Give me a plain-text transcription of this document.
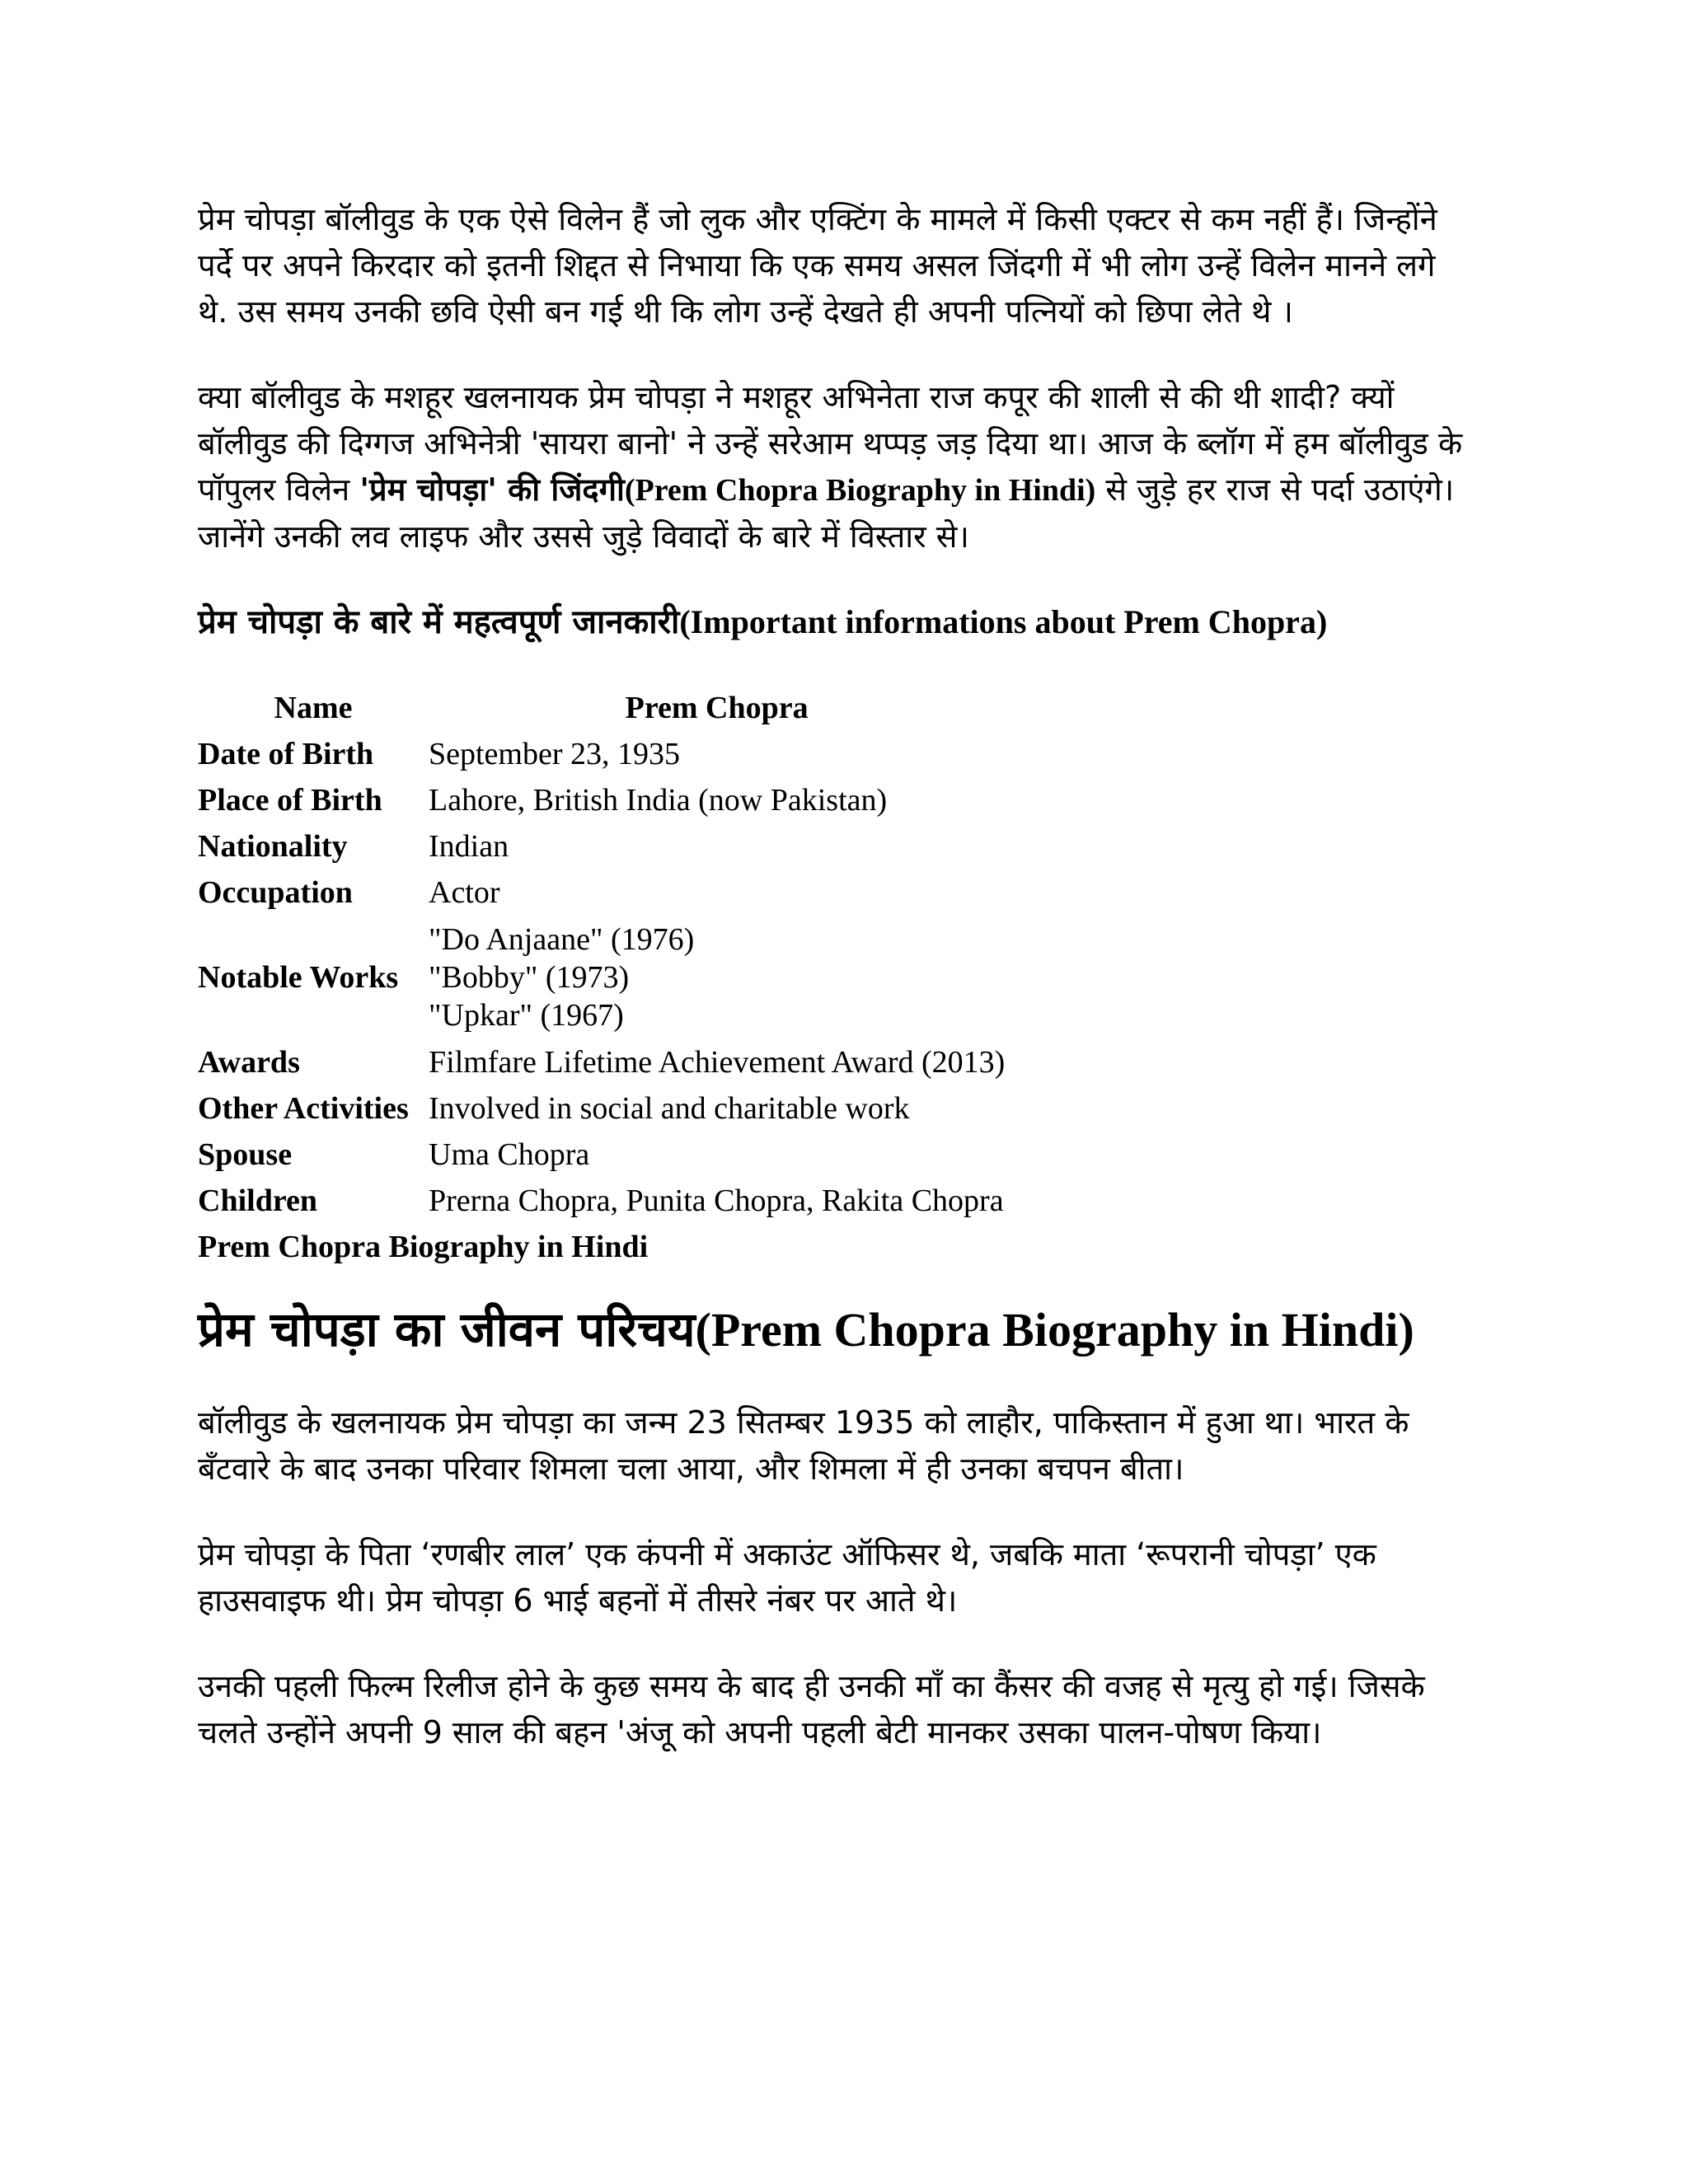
प्रेम चोपड़ा बॉलीवुड के एक ऐसे विलेन हैं जो लुक और एक्टिंग के मामले में किसी एक्टर से कम नहीं हैं। जिन्होंने पर्दे पर अपने किरदार को इतनी शिद्दत से निभाया कि एक समय असल जिंदगी में भी लोग उन्हें विलेन मानने लगे थे. उस समय उनकी छवि ऐसी बन गई थी कि लोग उन्हें देखते ही अपनी पत्नियों को छिपा लेते थे ।

क्या बॉलीवुड के मशहूर खलनायक प्रेम चोपड़ा ने मशहूर अभिनेता राज कपूर की शाली से की थी शादी? क्यों बॉलीवुड की दिग्गज अभिनेत्री 'सायरा बानो' ने उन्हें सरेआम थप्पड़ जड़ दिया था। आज के ब्लॉग में हम बॉलीवुड के पॉपुलर विलेन 'प्रेम चोपड़ा' की जिंदगी(Prem Chopra Biography in Hindi) से जुड़े हर राज से पर्दा उठाएंगे। जानेंगे उनकी लव लाइफ और उससे जुड़े विवादों के बारे में विस्तार से।

प्रेम चोपड़ा के बारे में महत्वपूर्ण जानकारी(Important informations about Prem Chopra)
Name	Prem Chopra
Date of Birth	September 23, 1935
Place of Birth	Lahore, British India (now Pakistan)
Nationality	Indian
Occupation	Actor
Notable Works	"Do Anjaane" (1976)
"Bobby" (1973)
"Upkar" (1967)

Awards	Filmfare Lifetime Achievement Award (2013)
Other Activities	Involved in social and charitable work
Spouse	Uma Chopra
Children	Prerna Chopra, Punita Chopra, Rakita Chopra
Prem Chopra Biography in Hindi
प्रेम चोपड़ा का जीवन परिचय(Prem Chopra Biography in Hindi)

बॉलीवुड के खलनायक प्रेम चोपड़ा का जन्म 23 सितम्बर 1935 को लाहौर, पाकिस्तान में हुआ था। भारत के बँटवारे के बाद उनका परिवार शिमला चला आया, और शिमला में ही उनका बचपन बीता।

प्रेम चोपड़ा के पिता ‘रणबीर लाल’ एक कंपनी में अकाउंट ऑफिसर थे, जबकि माता ‘रूपरानी चोपड़ा’ एक हाउसवाइफ थी। प्रेम चोपड़ा 6 भाई बहनों में तीसरे नंबर पर आते थे।

उनकी पहली फिल्म रिलीज होने के कुछ समय के बाद ही उनकी माँ का कैंसर की वजह से मृत्यु हो गई। जिसके चलते उन्होंने अपनी 9 साल की बहन 'अंजू को अपनी पहली बेटी मानकर उसका पालन-पोषण किया।
